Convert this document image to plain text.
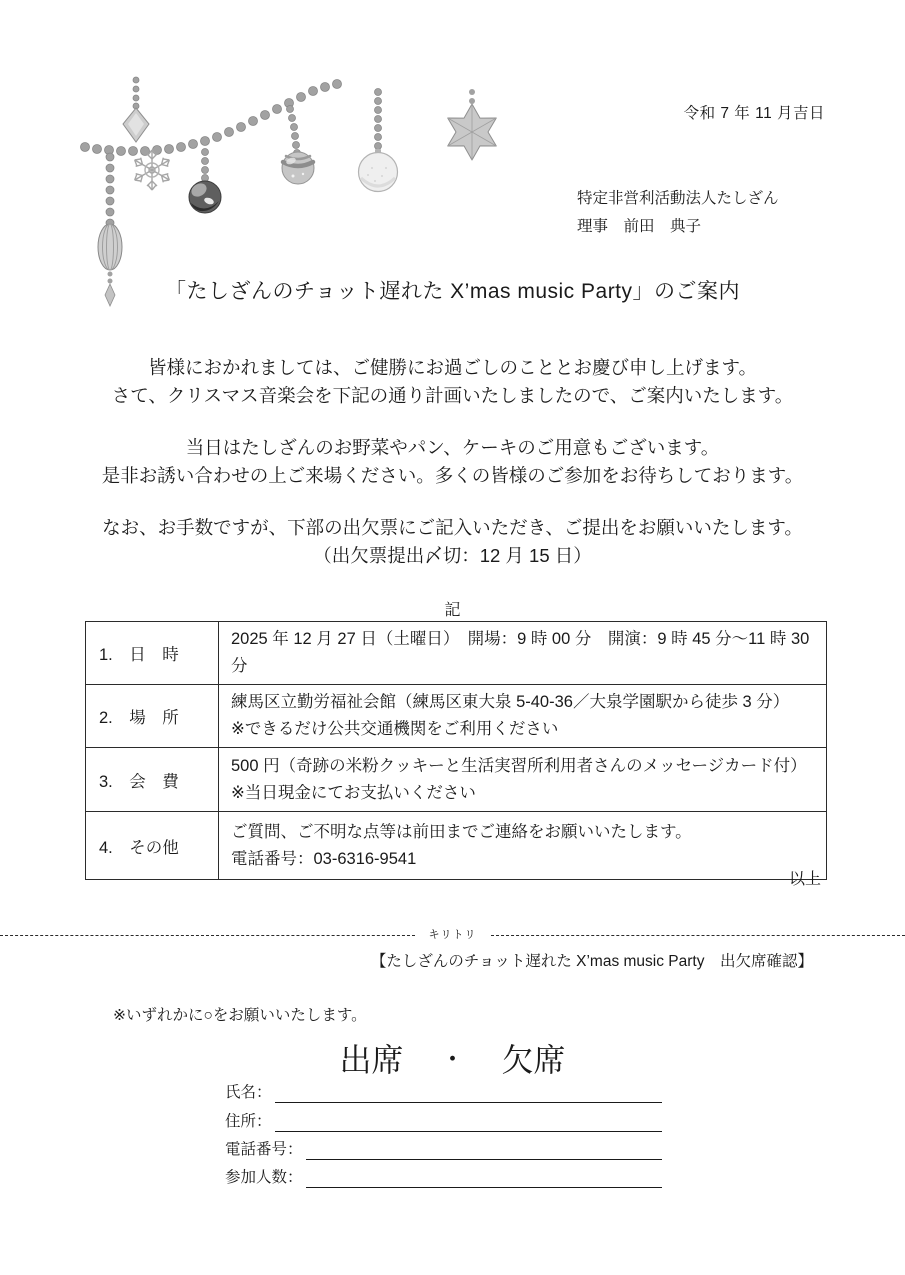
令和 7 年 11 月吉日
特定非営利活動法人たしざん
理事　前田　典子
「たしざんのチョット遅れた X’mas music Party」のご案内
皆様におかれましては、ご健勝にお過ごしのこととお慶び申し上げます。
さて、クリスマス音楽会を下記の通り計画いたしましたので、ご案内いたします。
当日はたしざんのお野菜やパン、ケーキのご用意もございます。
是非お誘い合わせの上ご来場ください。多くの皆様のご参加をお待ちしております。
なお、お手数ですが、下部の出欠票にご記入いただき、ご提出をお願いいたします。
（出欠票提出〆切：12 月 15 日）
記
1.　日　時	2025 年 12 月 27 日（土曜日）　開場：9 時 00 分　開演：9 時 45 分～11 時 30 分

2.　場　所	練馬区立勤労福祉会館（練馬区東大泉 5-40-36／大泉学園駅から徒歩 3 分）
※できるだけ公共交通機関をご利用ください

3.　会　費	500 円（奇跡の米粉クッキーと生活実習所利用者さんのメッセージカード付）
※当日現金にてお支払いください

4.　その他	ご質問、ご不明な点等は前田までご連絡をお願いいたします。
電話番号：03-6316-9541
以上
キリトリ
【たしざんのチョット遅れた X’mas music Party　出欠席確認】
※いずれかに○をお願いいたします。
出席 ・ 欠席
氏名：
住所：
電話番号：
参加人数：
